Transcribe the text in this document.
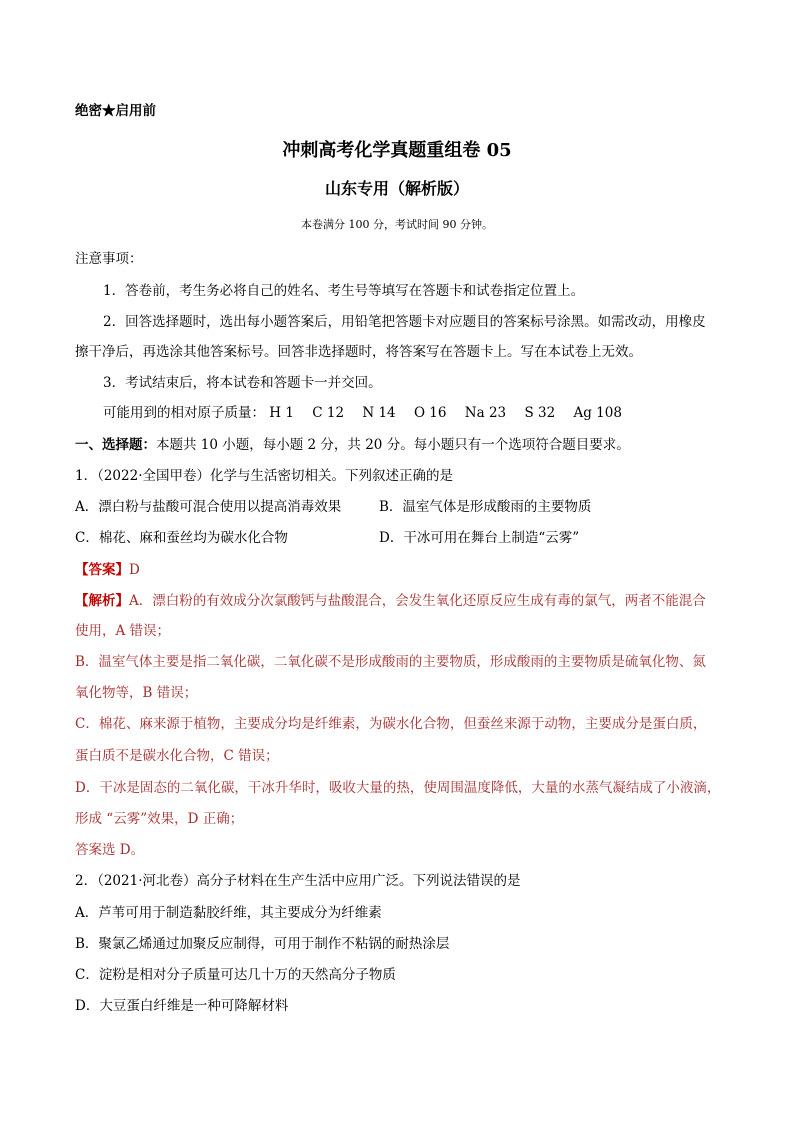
绝密★启用前
冲刺高考化学真题重组卷 05
山东专用（解析版）
本卷满分 100 分，考试时间 90 分钟。
注意事项：
1．答卷前，考生务必将自己的姓名、考生号等填写在答题卡和试卷指定位置上。
2．回答选择题时，选出每小题答案后，用铅笔把答题卡对应题目的答案标号涂黑。如需改动，用橡皮
擦干净后，再选涂其他答案标号。回答非选择题时，将答案写在答题卡上。写在本试卷上无效。
3．考试结束后，将本试卷和答题卡一并交回。
可能用到的相对原子质量： H 1 C 12 N 14 O 16 Na 23 S 32 Ag 108
一、选择题：本题共 10 小题，每小题 2 分，共 20 分。每小题只有一个选项符合题目要求。
1．（2022·全国甲卷）化学与生活密切相关。下列叙述正确的是
A．漂白粉与盐酸可混合使用以提高消毒效果	B．温室气体是形成酸雨的主要物质
C．棉花、麻和蚕丝均为碳水化合物	D．干冰可用在舞台上制造“云雾”
【答案】D
【解析】A．漂白粉的有效成分次氯酸钙与盐酸混合，会发生氧化还原反应生成有毒的氯气，两者不能混合
使用，A 错误；
B．温室气体主要是指二氧化碳，二氧化碳不是形成酸雨的主要物质，形成酸雨的主要物质是硫氧化物、氮
氧化物等，B 错误；
C．棉花、麻来源于植物，主要成分均是纤维素，为碳水化合物，但蚕丝来源于动物，主要成分是蛋白质，
蛋白质不是碳水化合物，C 错误；
D．干冰是固态的二氧化碳，干冰升华时，吸收大量的热，使周围温度降低，大量的水蒸气凝结成了小液滴，
形成 “云雾”效果，D 正确；
答案选 D。
2．（2021·河北卷）高分子材料在生产生活中应用广泛。下列说法错误的是
A．芦苇可用于制造黏胶纤维，其主要成分为纤维素
B．聚氯乙烯通过加聚反应制得，可用于制作不粘锅的耐热涂层
C．淀粉是相对分子质量可达几十万的天然高分子物质
D．大豆蛋白纤维是一种可降解材料
